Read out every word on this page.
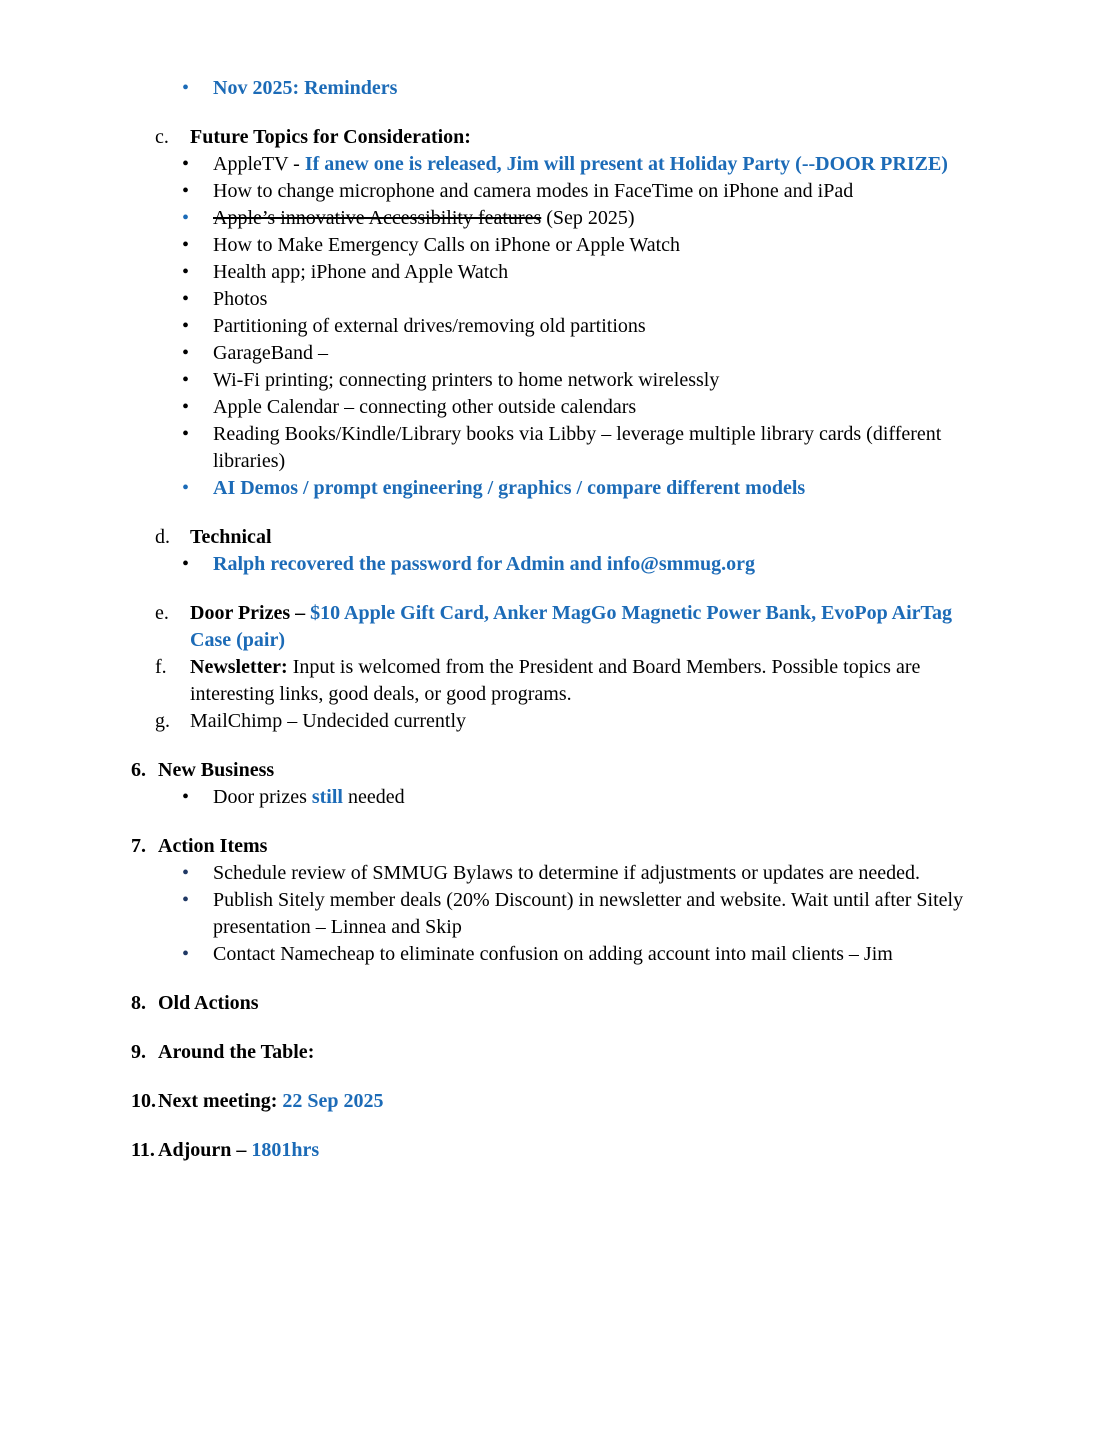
•	Nov 2025: Reminders
c.	Future Topics for Consideration:
•	AppleTV - If anew one is released, Jim will present at Holiday Party (--DOOR PRIZE)
•	How to change microphone and camera modes in FaceTime on iPhone and iPad
•	Apple’s innovative Accessibility features (Sep 2025)
•	How to Make Emergency Calls on iPhone or Apple Watch
•	Health app; iPhone and Apple Watch
•	Photos
•	Partitioning of external drives/removing old partitions
•	GarageBand –
•	Wi-Fi printing; connecting printers to home network wirelessly
•	Apple Calendar – connecting other outside calendars
•	Reading Books/Kindle/Library books via Libby – leverage multiple library cards (different libraries)
•	AI Demos / prompt engineering / graphics / compare different models
d.	Technical
•	Ralph recovered the password for Admin and info@smmug.org
e.	Door Prizes – $10 Apple Gift Card, Anker MagGo Magnetic Power Bank, EvoPop AirTag Case (pair)
f.	Newsletter: Input is welcomed from the President and Board Members. Possible topics are interesting links, good deals, or good programs.
g.	MailChimp – Undecided currently
6. New Business
•	Door prizes still needed
7. Action Items
•	Schedule review of SMMUG Bylaws to determine if adjustments or updates are needed.
•	Publish Sitely member deals (20% Discount) in newsletter and website. Wait until after Sitely presentation – Linnea and Skip
•	Contact Namecheap to eliminate confusion on adding account into mail clients – Jim
8. Old Actions
9. Around the Table:
10. Next meeting: 22 Sep 2025
11. Adjourn – 1801hrs
